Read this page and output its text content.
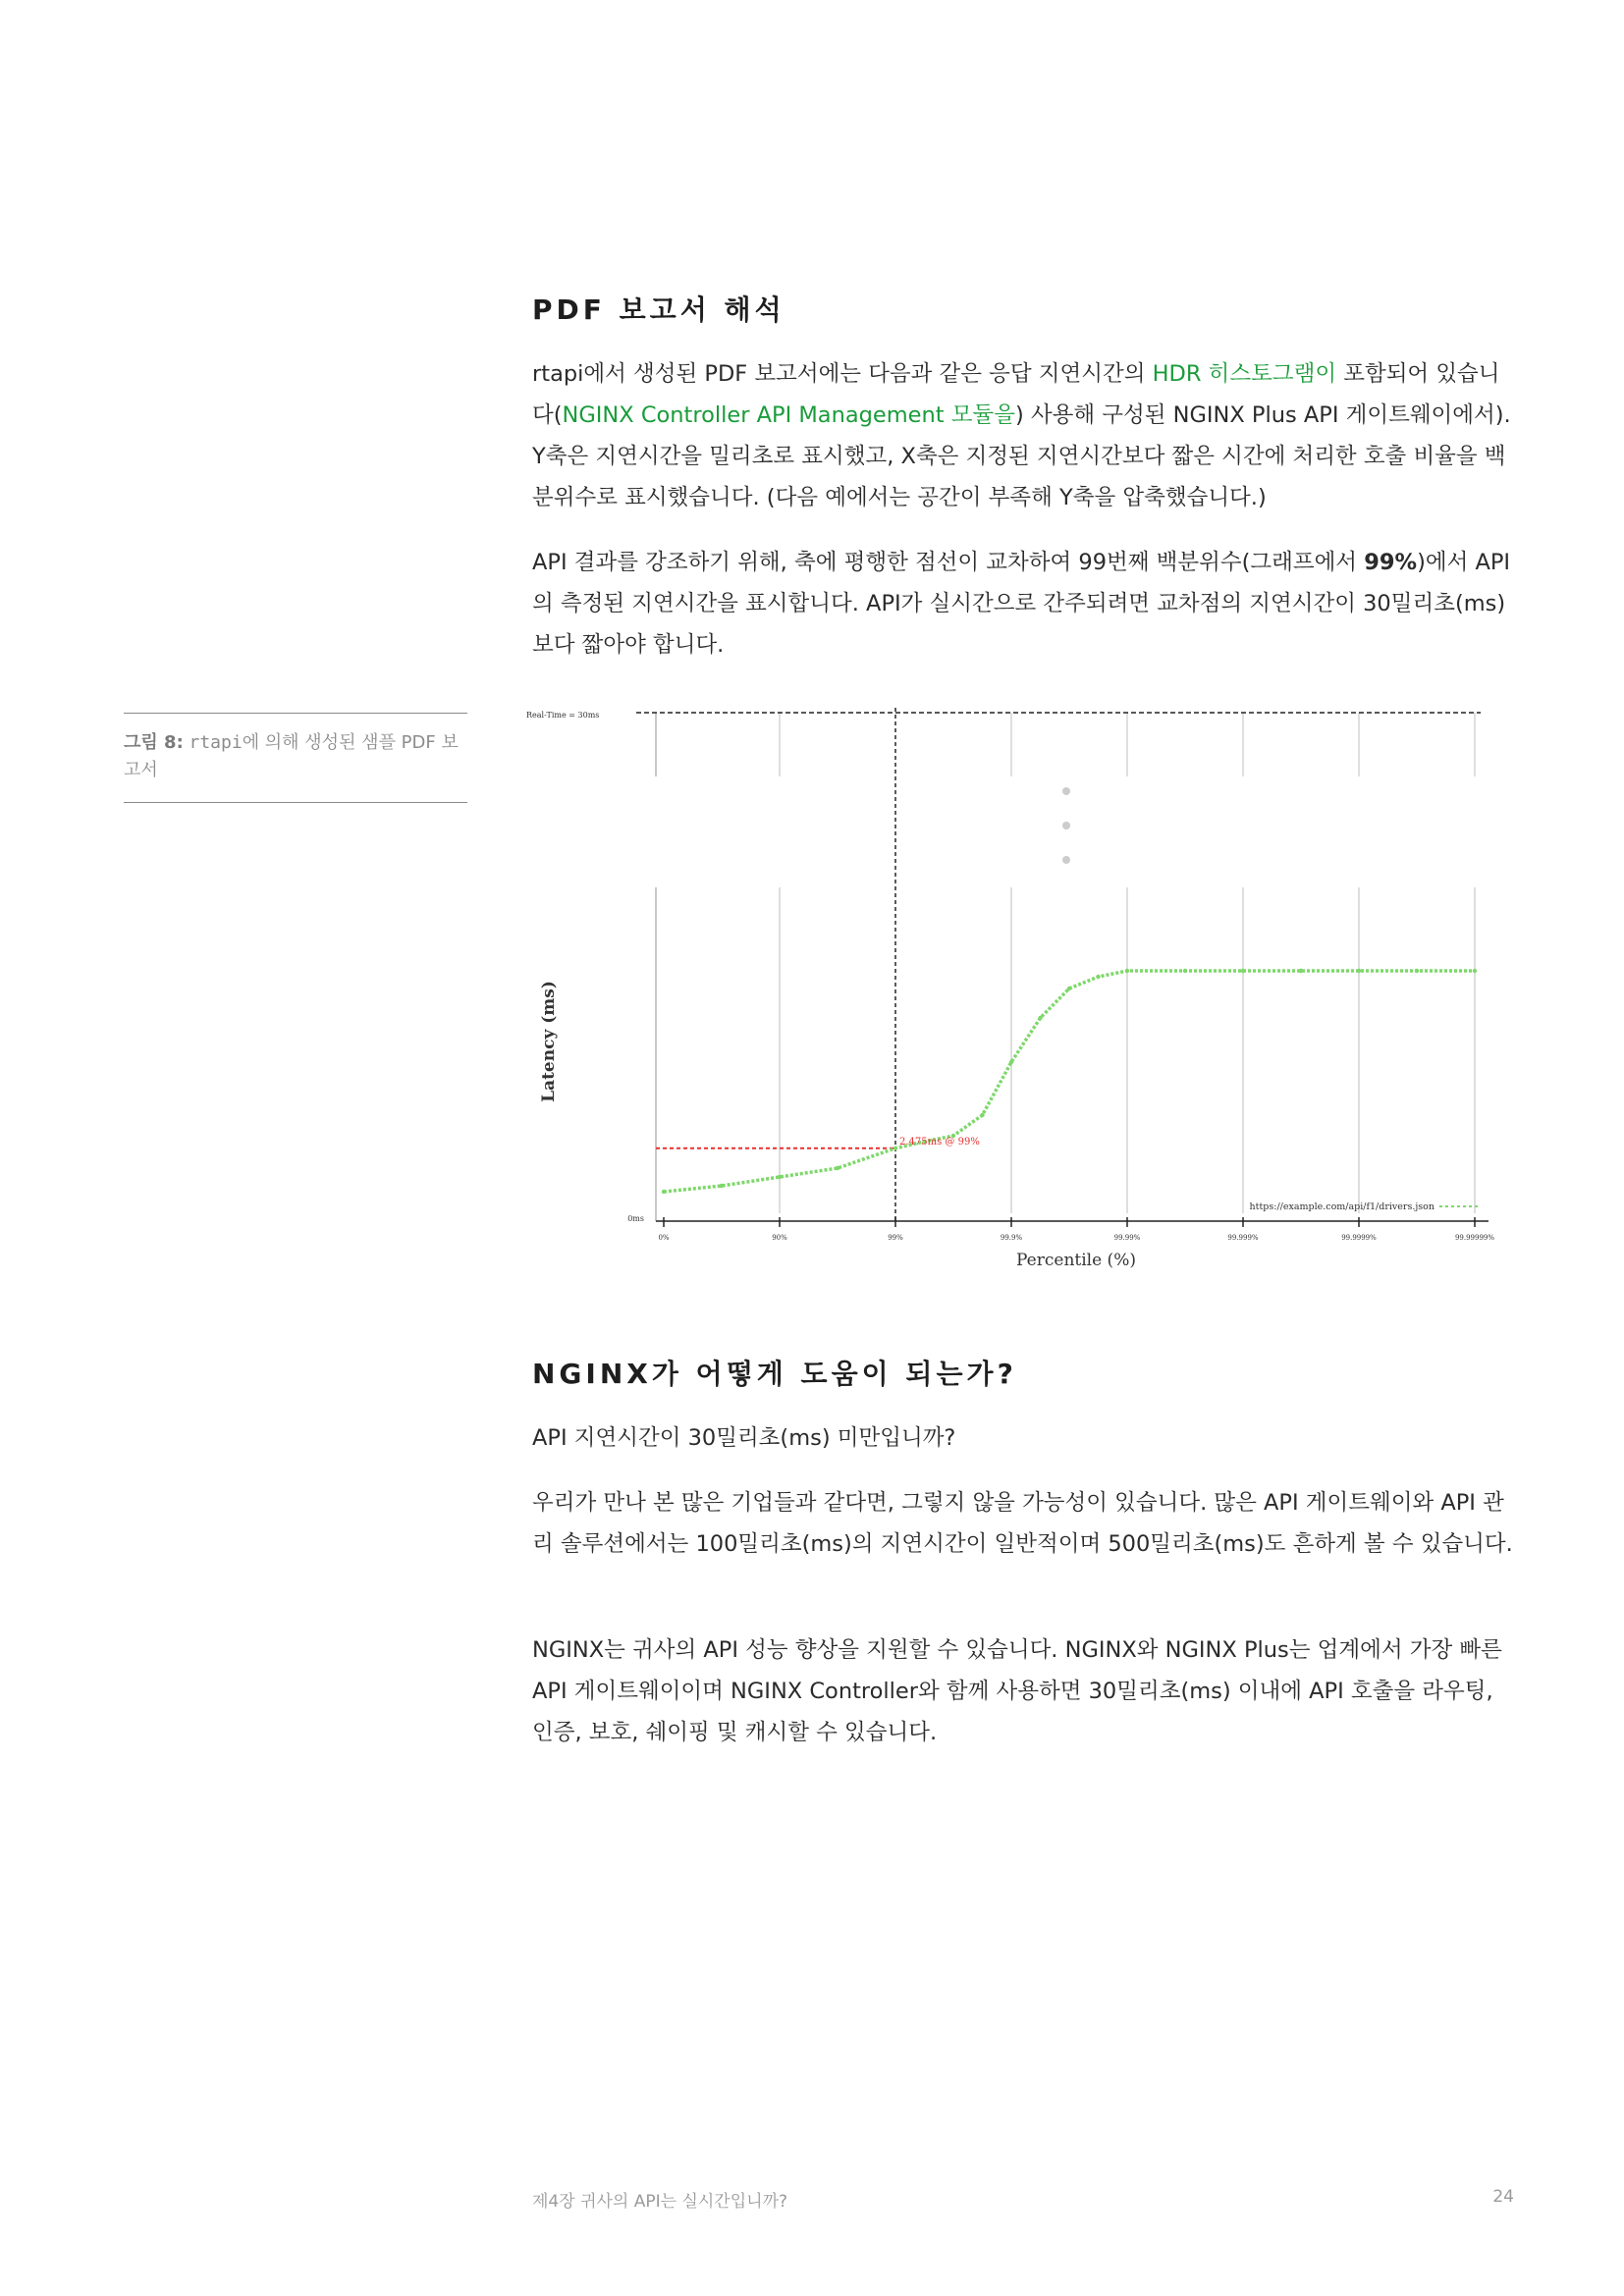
PDF 보고서 해석

rtapi에서 생성된 PDF 보고서에는 다음과 같은 응답 지연시간의 HDR 히스토그램이 포함되어 있습니다(NGINX Controller API Management 모듈을) 사용해 구성된 NGINX Plus API 게이트웨이에서). Y축은 지연시간을 밀리초로 표시했고, X축은 지정된 지연시간보다 짧은 시간에 처리한 호출 비율을 백분위수로 표시했습니다. (다음 예에서는 공간이 부족해 Y축을 압축했습니다.)

API 결과를 강조하기 위해, 축에 평행한 점선이 교차하여 99번째 백분위수(그래프에서 99%)에서 API의 측정된 지연시간을 표시합니다. API가 실시간으로 간주되려면 교차점의 지연시간이 30밀리초(ms)보다 짧아야 합니다.

그림 8: rtapi에 의해 생성된 샘플 PDF 보고서
Real-Time = 30ms
2.475ms @ 99%
0ms
0%	90%	99%	99.9%	99.99%	99.999%	99.9999%	99.99999%
Percentile (%)
Latency (ms)
https://example.com/api/f1/drivers.json
NGINX가 어떻게 도움이 되는가?

API 지연시간이 30밀리초(ms) 미만입니까?

우리가 만나 본 많은 기업들과 같다면, 그렇지 않을 가능성이 있습니다. 많은 API 게이트웨이와 API 관리 솔루션에서는 100밀리초(ms)의 지연시간이 일반적이며 500밀리초(ms)도 흔하게 볼 수 있습니다.

NGINX는 귀사의 API 성능 향상을 지원할 수 있습니다. NGINX와 NGINX Plus는 업계에서 가장 빠른 API 게이트웨이이며 NGINX Controller와 함께 사용하면 30밀리초(ms) 이내에 API 호출을 라우팅, 인증, 보호, 쉐이핑 및 캐시할 수 있습니다.

제4장 귀사의 API는 실시간입니까?	24
